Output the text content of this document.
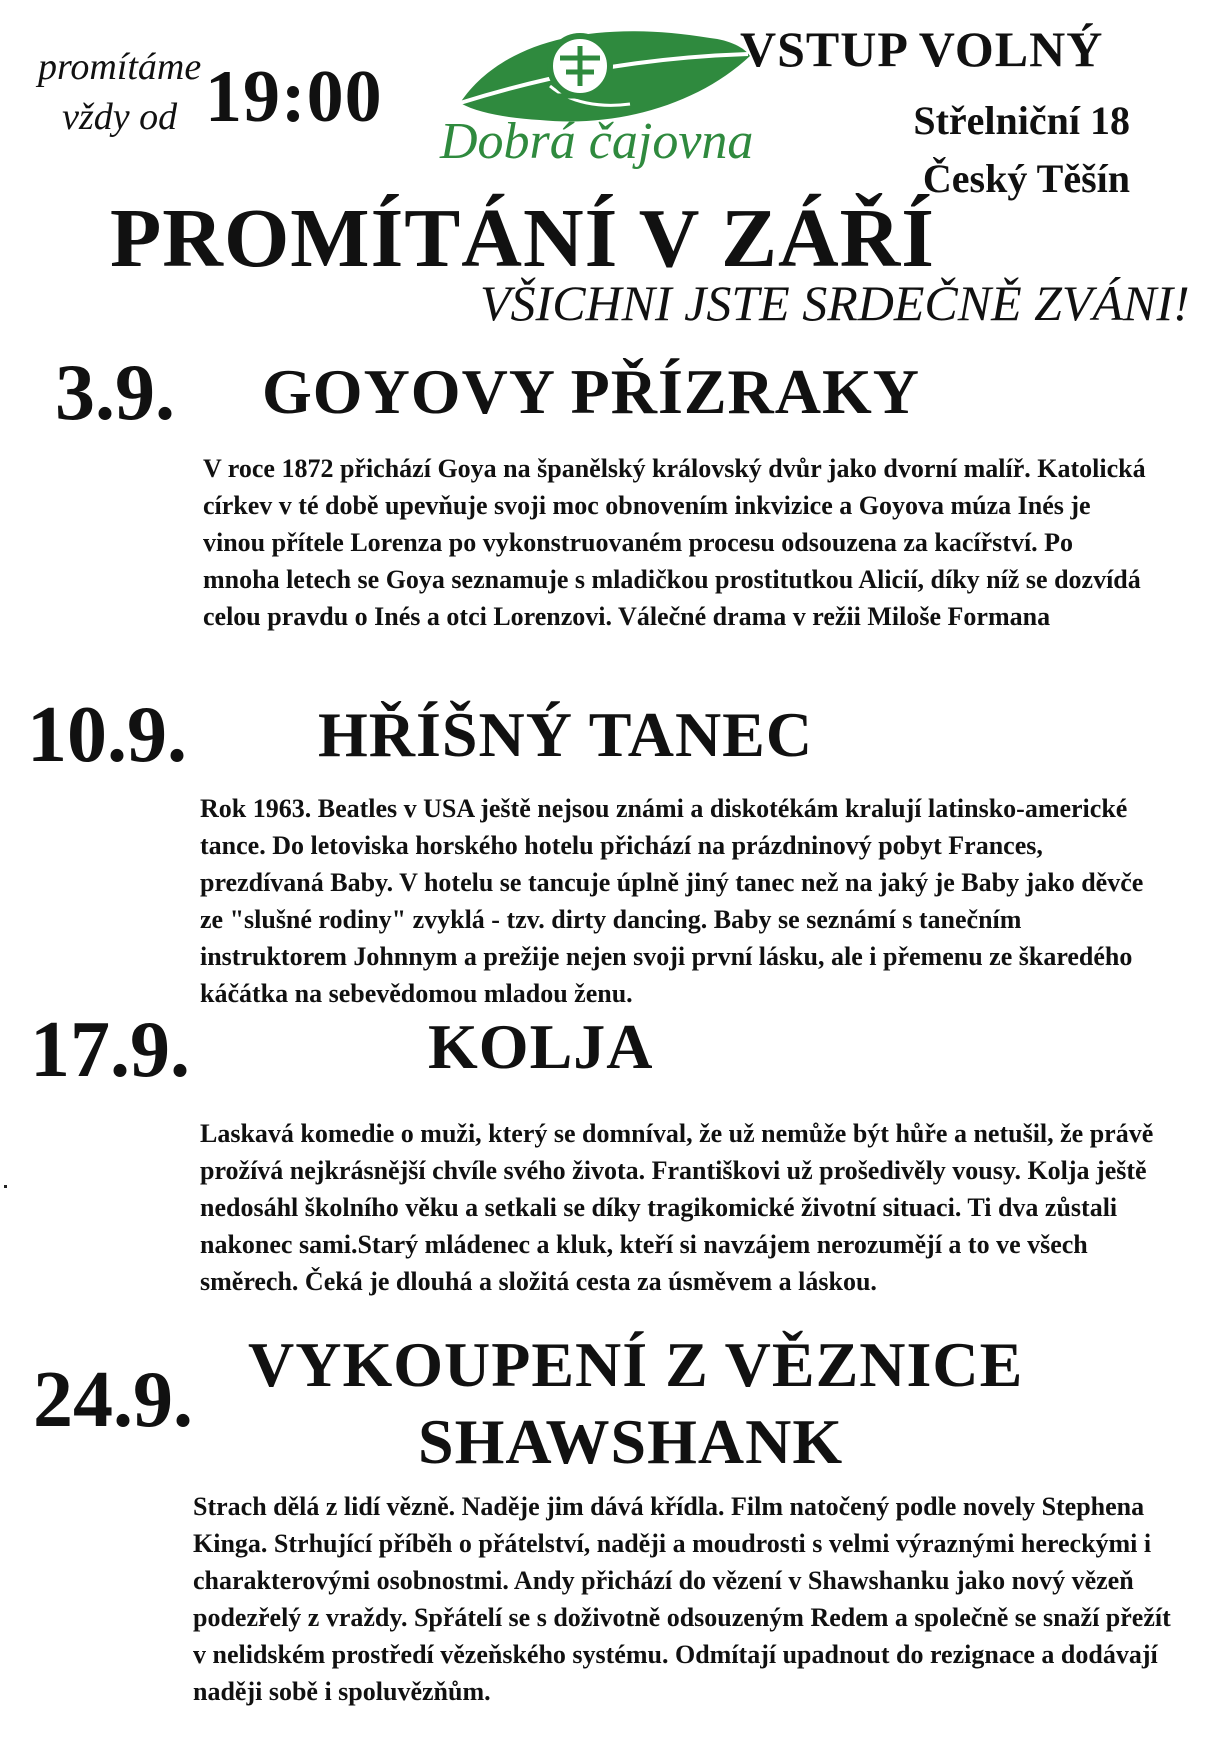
promítáme
vždy od 19:00
Dobrá čajovna
VSTUP VOLNÝ
Střelniční 18
Český Těšín
PROMÍTÁNÍ V ZÁŘÍ
VŠICHNI JSTE SRDEČNĚ ZVÁNI!
3.9. GOYOVY PŘÍZRAKY
V roce 1872 přichází Goya na španělský královský dvůr jako dvorní malíř. Katolická církev v té době upevňuje svoji moc obnovením inkvizice a Goyova múza Inés je vinou přítele Lorenza po vykonstruovaném procesu odsouzena za kacířství. Po mnoha letech se Goya seznamuje s mladičkou prostitutkou Alicií, díky níž se dozvídá celou pravdu o Inés a otci Lorenzovi. Válečné drama v režii Miloše Formana
10.9. HŘÍŠNÝ TANEC
Rok 1963. Beatles v USA ještě nejsou známi a diskotékám kralují latinsko-americké tance. Do letoviska horského hotelu přichází na prázdninový pobyt Frances, prezdívaná Baby. V hotelu se tancuje úplně jiný tanec než na jaký je Baby jako děvče ze "slušné rodiny" zvyklá - tzv. dirty dancing. Baby se seznámí s tanečním instruktorem Johnnym a prežije nejen svoji první lásku, ale i přemenu ze škaredého káčátka na sebevědomou mladou ženu.
17.9.	KOLJA
Laskavá komedie o muži, který se domníval, že už nemůže být hůře a netušil, že právě prožívá nejkrásnější chvíle svého života. Františkovi už prošedivěly vousy. Kolja ještě nedosáhl školního věku a setkali se díky tragikomické životní situaci. Ti dva zůstali nakonec sami.Starý mládenec a kluk, kteří si navzájem nerozumějí a to ve všech směrech. Čeká je dlouhá a složitá cesta za úsměvem a láskou.
24.9. VYKOUPENÍ Z VĚZNICE
SHAWSHANK
Strach dělá z lidí vězně. Naděje jim dává křídla. Film natočený podle novely Stephena Kinga. Strhující příběh o přátelství, naději a moudrosti s velmi výraznými hereckými i charakterovými osobnostmi. Andy přichází do vězení v Shawshanku jako nový vězeň podezřelý z vraždy. Spřátelí se s doživotně odsouzeným Redem a společně se snaží přežít v nelidském prostředí vězeňského systému. Odmítají upadnout do rezignace a dodávají naději sobě i spoluvězňům.
